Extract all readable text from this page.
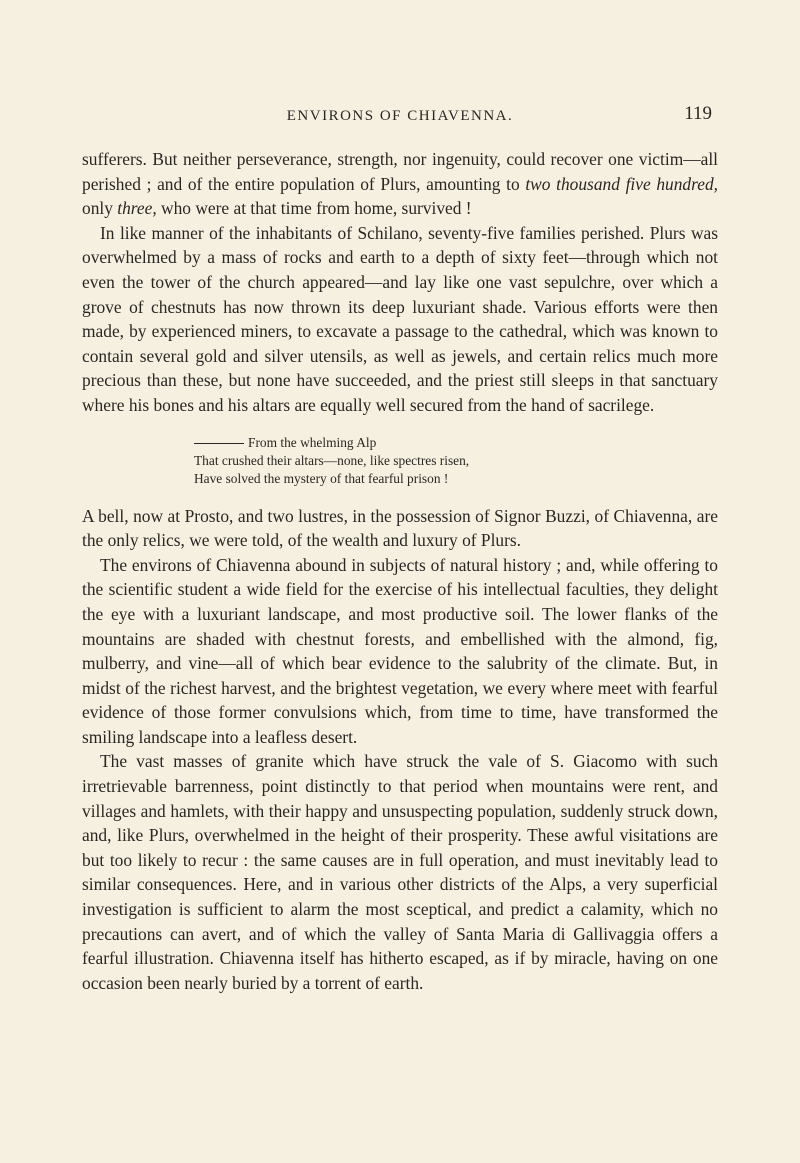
ENVIRONS OF CHIAVENNA.	119

sufferers. But neither perseverance, strength, nor ingenuity, could recover one victim—all perished ; and of the entire population of Plurs, amounting to two thousand five hundred, only three, who were at that time from home, survived !

In like manner of the inhabitants of Schilano, seventy-five families perished. Plurs was overwhelmed by a mass of rocks and earth to a depth of sixty feet—through which not even the tower of the church appeared—and lay like one vast sepulchre, over which a grove of chestnuts has now thrown its deep luxuriant shade. Various efforts were then made, by experienced miners, to excavate a passage to the cathedral, which was known to contain several gold and silver utensils, as well as jewels, and certain relics much more precious than these, but none have succeeded, and the priest still sleeps in that sanctuary where his bones and his altars are equally well secured from the hand of sacrilege.

From the whelming Alp
That crushed their altars—none, like spectres risen,
Have solved the mystery of that fearful prison !

A bell, now at Prosto, and two lustres, in the possession of Signor Buzzi, of Chiavenna, are the only relics, we were told, of the wealth and luxury of Plurs.

The environs of Chiavenna abound in subjects of natural history ; and, while offering to the scientific student a wide field for the exercise of his intellectual faculties, they delight the eye with a luxuriant landscape, and most productive soil. The lower flanks of the mountains are shaded with chestnut forests, and embellished with the almond, fig, mulberry, and vine—all of which bear evidence to the salubrity of the climate. But, in midst of the richest harvest, and the brightest vegetation, we every where meet with fearful evidence of those former convulsions which, from time to time, have transformed the smiling landscape into a leafless desert.

The vast masses of granite which have struck the vale of S. Giacomo with such irretrievable barrenness, point distinctly to that period when mountains were rent, and villages and hamlets, with their happy and unsuspecting population, suddenly struck down, and, like Plurs, overwhelmed in the height of their prosperity. These awful visitations are but too likely to recur : the same causes are in full operation, and must inevitably lead to similar consequences. Here, and in various other districts of the Alps, a very superficial investigation is sufficient to alarm the most sceptical, and predict a calamity, which no precautions can avert, and of which the valley of Santa Maria di Gallivaggia offers a fearful illustration. Chiavenna itself has hitherto escaped, as if by miracle, having on one occasion been nearly buried by a torrent of earth.
